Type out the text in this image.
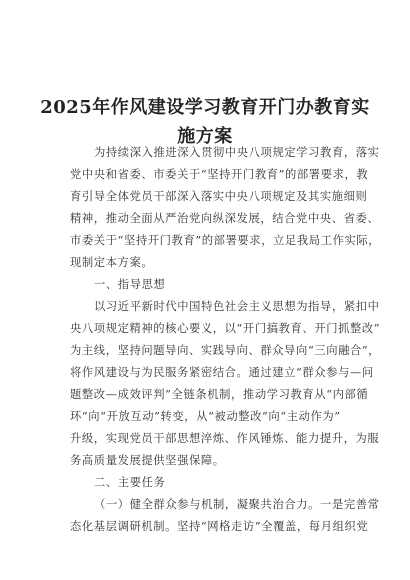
2025年作风建设学习教育开门办教育实
施方案
为持续深入推进深入贯彻中央八项规定学习教育，落实
党中央和省委、市委关于“坚持开门教育”的部署要求，教
育引导全体党员干部深入落实中央八项规定及其实施细则
精神，推动全面从严治党向纵深发展，结合党中央、省委、
市委关于“坚持开门教育”的部署要求，立足我局工作实际，
现制定本方案。
一、指导思想
以习近平新时代中国特色社会主义思想为指导，紧扣中
央八项规定精神的核心要义，以“开门搞教育、开门抓整改”
为主线，坚持问题导向、实践导向、群众导向“三向融合”，
将作风建设与为民服务紧密结合。通过建立“群众参与—问
题整改—成效评判”全链条机制，推动学习教育从“内部循
环”向“开放互动”转变，从“被动整改”向“主动作为”
升级，实现党员干部思想淬炼、作风锤炼、能力提升，为服
务高质量发展提供坚强保障。
二、主要任务
（一）健全群众参与机制，凝聚共治合力。一是完善常
态化基层调研机制。坚持“网格走访”全覆盖，每月组织党
